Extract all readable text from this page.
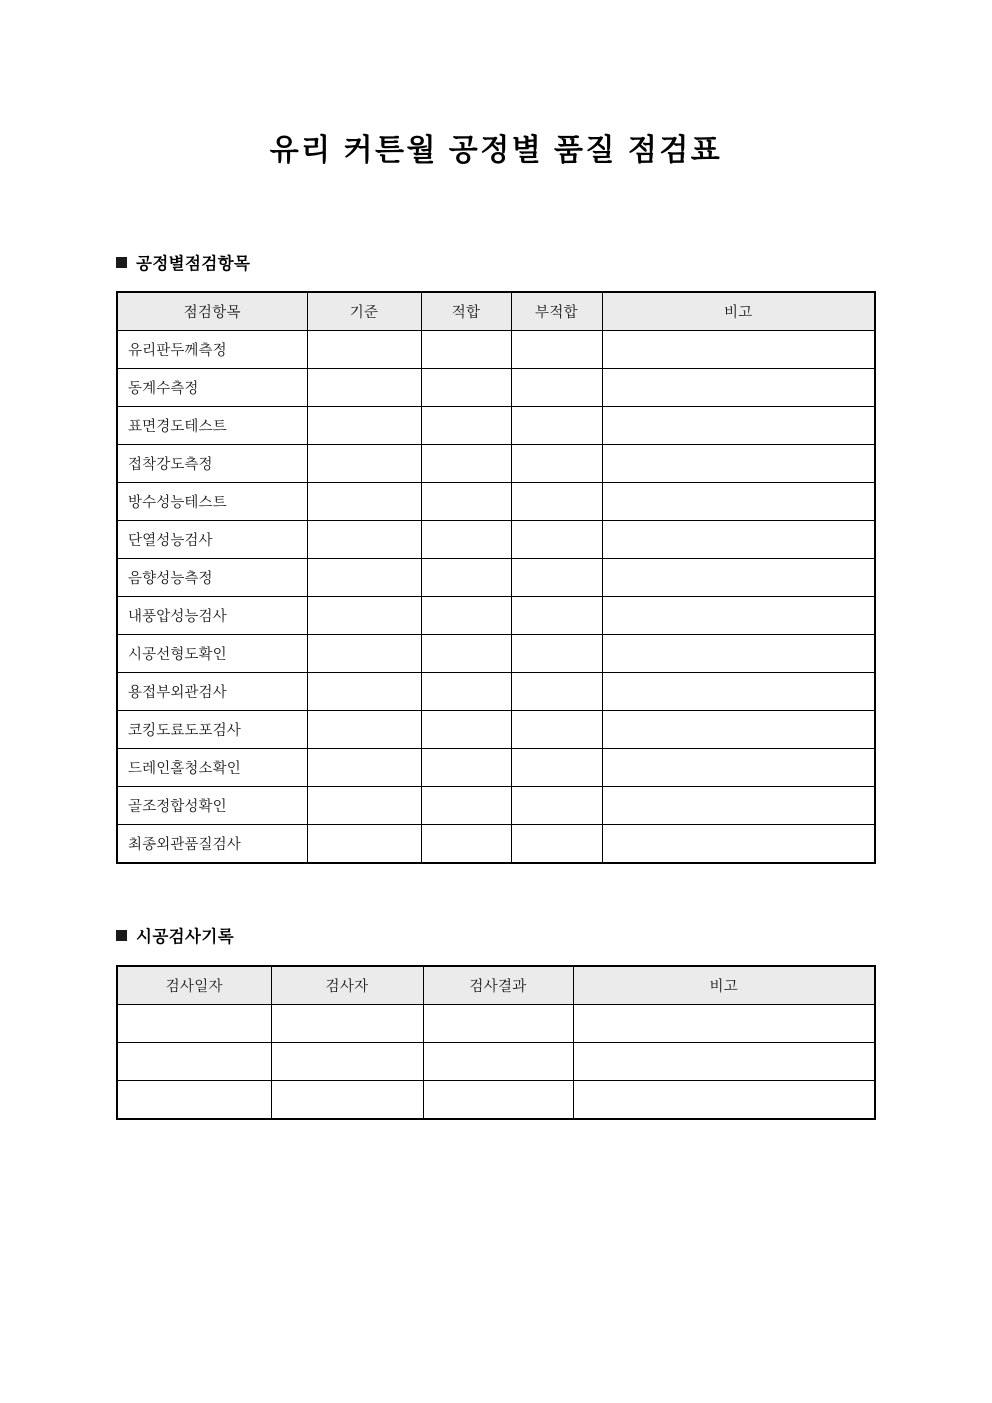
유리 커튼월 공정별 품질 점검표
공정별점검항목
점검항목	기준	적합	부적합	비고
유리판두께측정				
동계수측정				
표면경도테스트				
접착강도측정				
방수성능테스트				
단열성능검사				
음향성능측정				
내풍압성능검사				
시공선형도확인				
용접부외관검사				
코킹도료도포검사				
드레인홀청소확인				
골조정합성확인				
최종외관품질검사				
시공검사기록
검사일자	검사자	검사결과	비고
